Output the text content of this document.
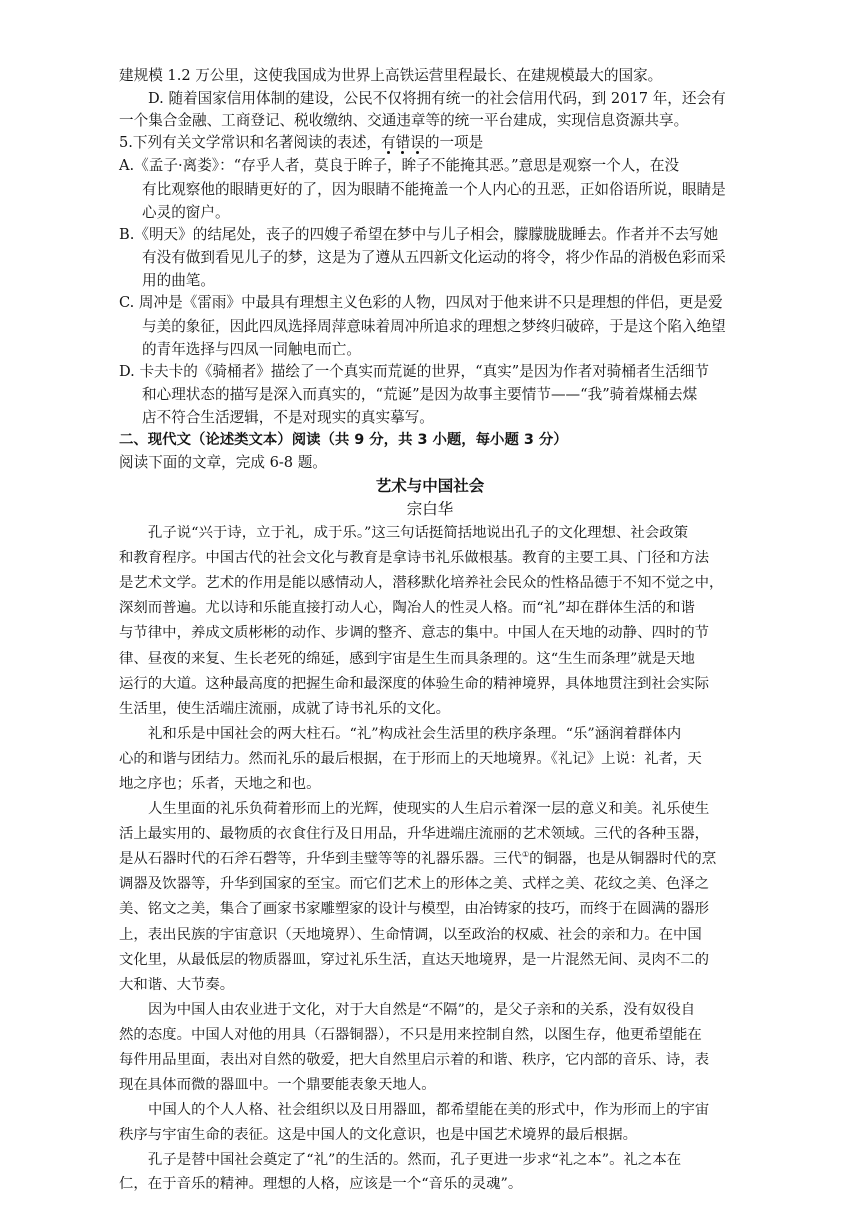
建规模 1.2 万公里，这使我国成为世界上高铁运营里程最长、在建规模最大的国家。
D. 随着国家信用体制的建设，公民不仅将拥有统一的社会信用代码，到 2017 年，还会有
一个集合金融、工商登记、税收缴纳、交通违章等的统一平台建成，实现信息资源共享。
5.下列有关文学常识和名著阅读的表述，有
错
误
的一项是
A.《孟子·离娄》：“存乎人者，莫良于眸子，眸子不能掩其恶。”意思是观察一个人，在没
有比观察他的眼睛更好的了，因为眼睛不能掩盖一个人内心的丑恶，正如俗语所说，眼睛是
心灵的窗户。
B.《明天》的结尾处，丧子的四嫂子希望在梦中与儿子相会，朦朦胧胧睡去。作者并不去写她
有没有做到看见儿子的梦，这是为了遵从五四新文化运动的将令，将少作品的消极色彩而采
用的曲笔。
C. 周冲是《雷雨》中最具有理想主义色彩的人物，四凤对于他来讲不只是理想的伴侣，更是爱
与美的象征，因此四凤选择周萍意味着周冲所追求的理想之梦终归破碎，于是这个陷入绝望
的青年选择与四凤一同触电而亡。
D. 卡夫卡的《骑桶者》描绘了一个真实而荒诞的世界，“真实”是因为作者对骑桶者生活细节
和心理状态的描写是深入而真实的，“荒诞”是因为故事主要情节——“我”骑着煤桶去煤
店不符合生活逻辑，不是对现实的真实摹写。
二、现代文（论述类文本）阅读（共 9 分，共 3 小题，每小题 3 分）
阅读下面的文章，完成 6-8 题。
艺术与中国社会
宗白华
孔子说“兴于诗，立于礼，成于乐。”这三句话挺简括地说出孔子的文化理想、社会政策
和教育程序。中国古代的社会文化与教育是拿诗书礼乐做根基。教育的主要工具、门径和方法
是艺术文学。艺术的作用是能以感情动人，潜移默化培养社会民众的性格品德于不知不觉之中，
深刻而普遍。尤以诗和乐能直接打动人心，陶冶人的性灵人格。而“礼”却在群体生活的和谐
与节律中，养成文质彬彬的动作、步调的整齐、意志的集中。中国人在天地的动静、四时的节
律、昼夜的来复、生长老死的绵延，感到宇宙是生生而具条理的。这“生生而条理”就是天地
运行的大道。这种最高度的把握生命和最深度的体验生命的精神境界，具体地贯注到社会实际
生活里，使生活端庄流丽，成就了诗书礼乐的文化。
礼和乐是中国社会的两大柱石。“礼”构成社会生活里的秩序条理。“乐”涵润着群体内
心的和谐与团结力。然而礼乐的最后根据，在于形而上的天地境界。《礼记》上说：礼者，天
地之序也；乐者，天地之和也。
人生里面的礼乐负荷着形而上的光辉，使现实的人生启示着深一层的意义和美。礼乐使生
活上最实用的、最物质的衣食住行及日用品，升华进端庄流丽的艺术领域。三代的各种玉器，
是从石器时代的石斧石磬等，升华到圭璧等等的礼器乐器。三代①的铜器，也是从铜器时代的烹
调器及饮器等，升华到国家的至宝。而它们艺术上的形体之美、式样之美、花纹之美、色泽之
美、铭文之美，集合了画家书家雕塑家的设计与模型，由冶铸家的技巧，而终于在圆满的器形
上，表出民族的宇宙意识（天地境界）、生命情调，以至政治的权威、社会的亲和力。在中国
文化里，从最低层的物质器皿，穿过礼乐生活，直达天地境界，是一片混然无间、灵肉不二的
大和谐、大节奏。
因为中国人由农业进于文化，对于大自然是“不隔”的，是父子亲和的关系，没有奴役自
然的态度。中国人对他的用具（石器铜器），不只是用来控制自然，以图生存，他更希望能在
每件用品里面，表出对自然的敬爱，把大自然里启示着的和谐、秩序，它内部的音乐、诗，表
现在具体而微的器皿中。一个鼎要能表象天地人。
中国人的个人人格、社会组织以及日用器皿，都希望能在美的形式中，作为形而上的宇宙
秩序与宇宙生命的表征。这是中国人的文化意识，也是中国艺术境界的最后根据。
孔子是替中国社会奠定了“礼”的生活的。然而，孔子更进一步求“礼之本”。礼之本在
仁，在于音乐的精神。理想的人格，应该是一个“音乐的灵魂”。
